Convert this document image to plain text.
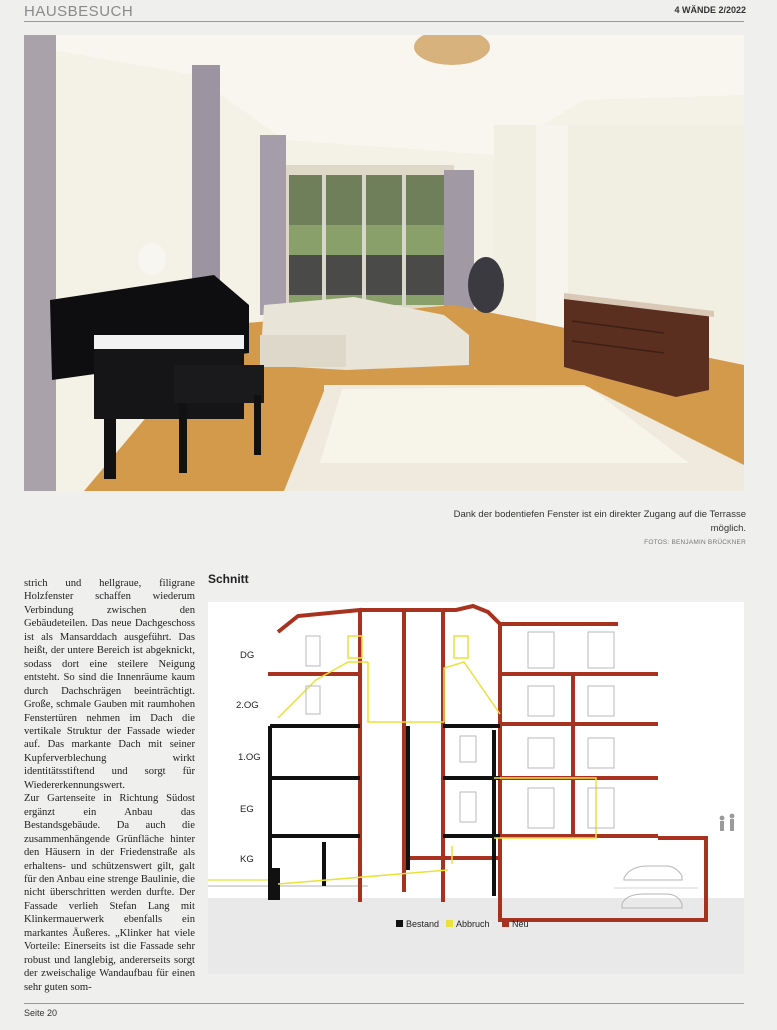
HAUSBESUCH	4 WÄNDE 2/2022
Dank der bodentiefen Fenster ist ein direkter Zugang auf die Terrasse möglich.
FOTOS: BENJAMIN BRÜCKNER

strich und hellgraue, filigrane Holzfenster schaffen wiederum Verbindung zwischen den Gebäudeteilen. Das neue Dachgeschoss ist als Mansarddach ausgeführt. Das heißt, der untere Bereich ist abgeknickt, sodass dort eine steilere Neigung entsteht. So sind die Innenräume kaum durch Dachschrägen beeinträchtigt. Große, schmale Gauben mit raumhohen Fenstertüren nehmen im Dach die vertikale Struktur der Fassade wieder auf. Das markante Dach mit seiner Kupferverblechung wirkt identitätsstiftend und sorgt für Wiedererkennungswert.

Zur Gartenseite in Richtung Südost ergänzt ein Anbau das Bestandsgebäude. Da auch die zusammenhängende Grünfläche hinter den Häusern in der Friedenstraße als erhaltens- und schützenswert gilt, galt für den Anbau eine strenge Baulinie, die nicht überschritten werden durfte. Der Fassade verlieh Stefan Lang mit Klinkermauerwerk ebenfalls ein markantes Äußeres. „Klinker hat viele Vorteile: Einerseits ist die Fassade sehr robust und langlebig, andererseits sorgt der zweischalige Wandaufbau für einen sehr guten som-

Schnitt
DG
2.OG
1.OG
EG
KG
Bestand Abbruch Neu
Seite 20
